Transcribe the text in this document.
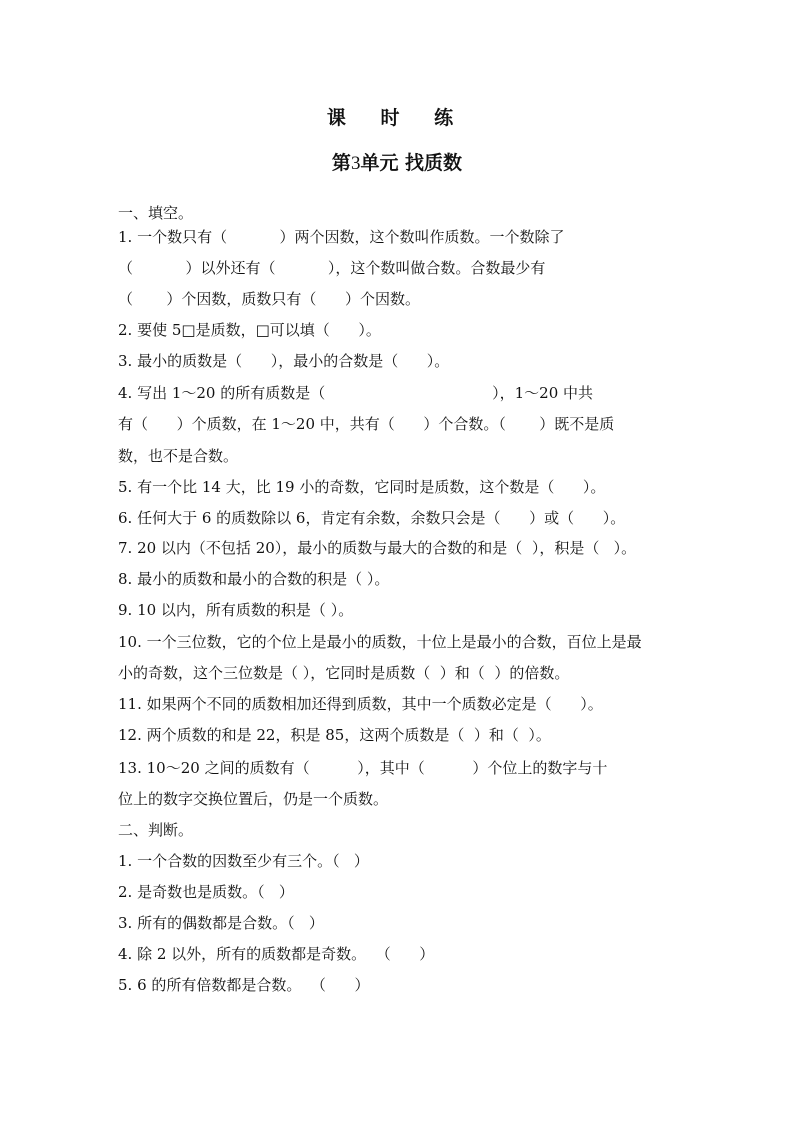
课 时 练
第3单元 找质数
一、填空。
1. 一个数只有（           ）两个因数，这个数叫作质数。一个数除了
（           ）以外还有（           ），这个数叫做合数。合数最少有
（       ）个因数，质数只有（      ）个因数。
2. 要使 5□是质数，□可以填（      ）。
3. 最小的质数是（      ），最小的合数是（      ）。
4. 写出 1～20 的所有质数是（                                   ），1～20 中共
有（      ）个质数，在 1～20 中，共有（      ）个合数。（       ）既不是质
数，也不是合数。
5. 有一个比 14 大，比 19 小的奇数，它同时是质数，这个数是（      ）。
6. 任何大于 6 的质数除以 6，肯定有余数，余数只会是（      ）或（      ）。
7. 20 以内（不包括 20），最小的质数与最大的合数的和是（  ），积是（   ）。
8. 最小的质数和最小的合数的积是（ ）。
9. 10 以内，所有质数的积是（ ）。
10. 一个三位数，它的个位上是最小的质数，十位上是最小的合数，百位上是最
小的奇数，这个三位数是（ ），它同时是质数（  ）和（  ）的倍数。
11. 如果两个不同的质数相加还得到质数，其中一个质数必定是（      ）。
12. 两个质数的和是 22，积是 85，这两个质数是（  ）和（  ）。
13. 10～20 之间的质数有（          ），其中（          ）个位上的数字与十
位上的数字交换位置后，仍是一个质数。
二、判断。
1. 一个合数的因数至少有三个。（   ）
2. 是奇数也是质数。（   ）
3. 所有的偶数都是合数。（   ）
4. 除 2 以外，所有的质数都是奇数。  （      ）
5. 6 的所有倍数都是合数。  （      ）
